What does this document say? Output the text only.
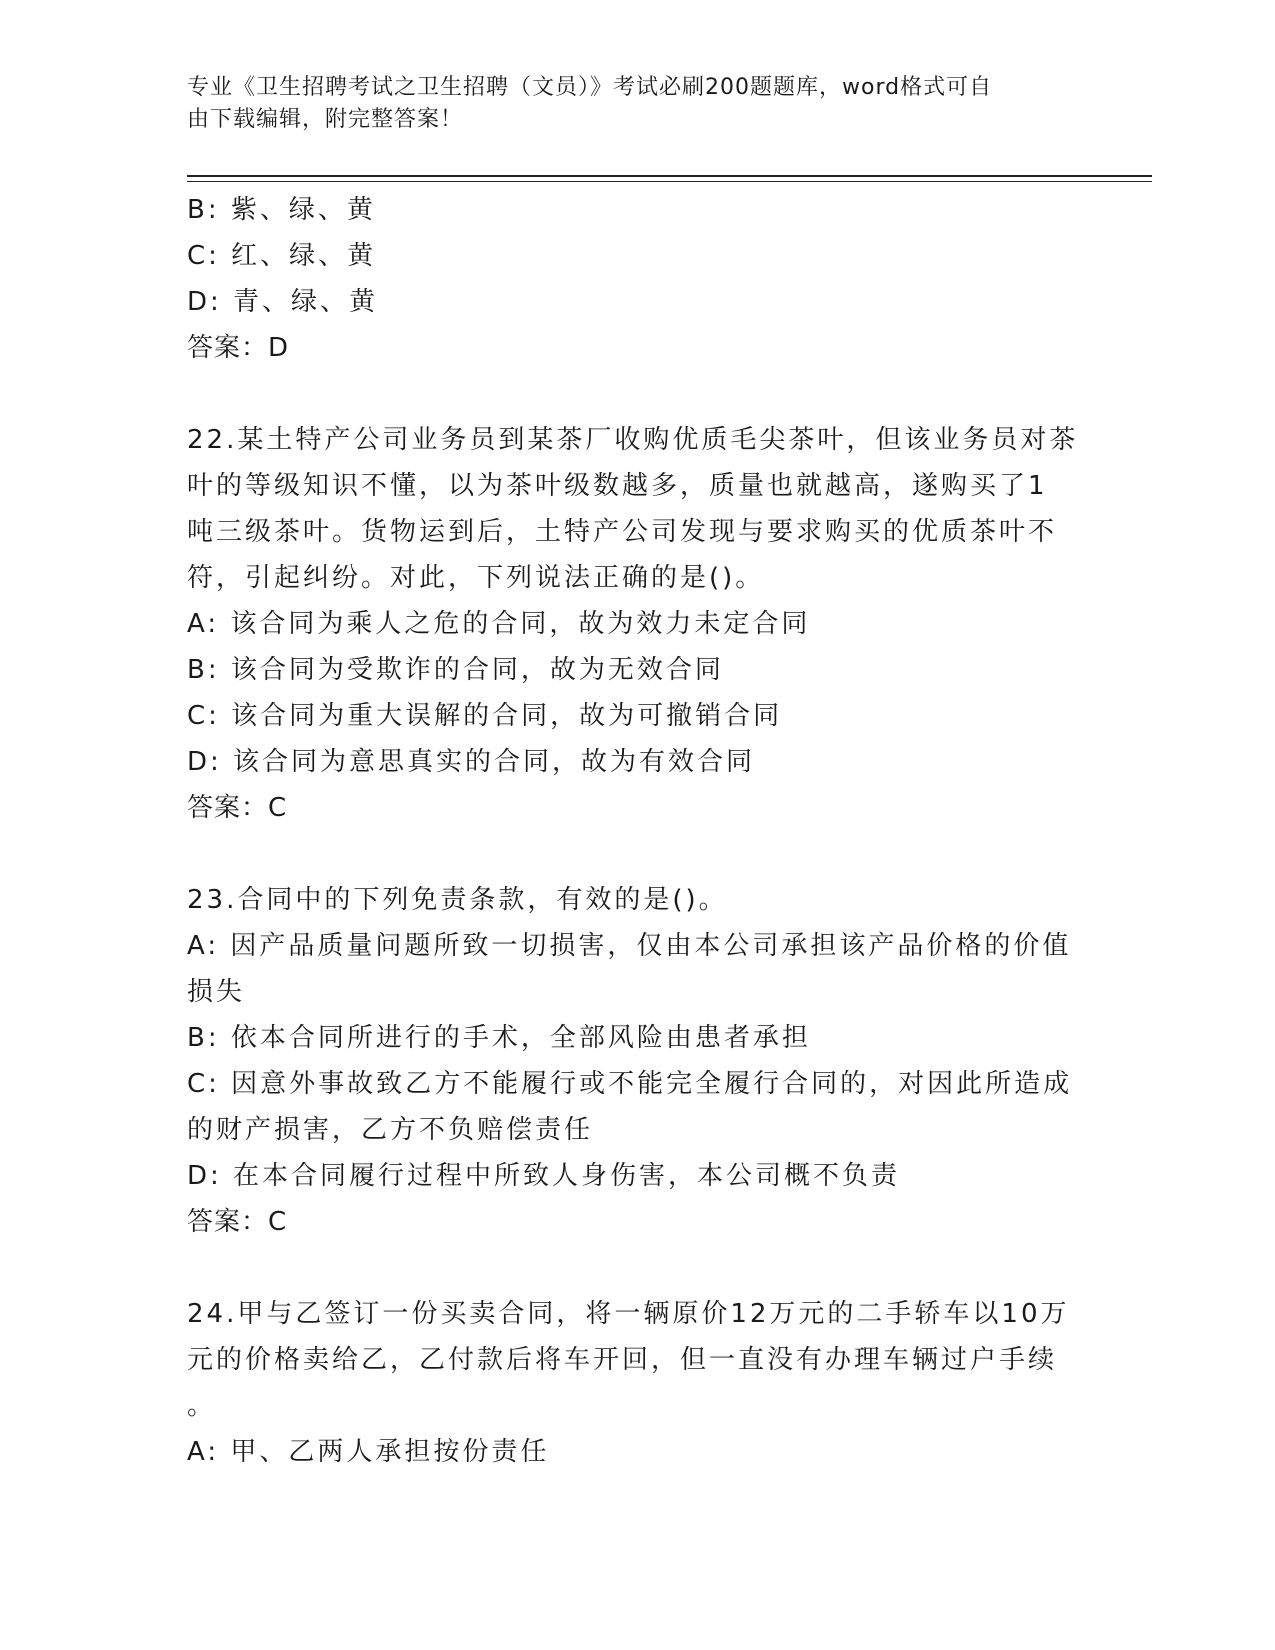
专业《卫生招聘考试之卫生招聘（文员）》考试必刷200题题库，word格式可自
由下载编辑，附完整答案！
B: 紫、绿、黄
C: 红、绿、黄
D: 青、绿、黄
答案：D
22.某土特产公司业务员到某茶厂收购优质毛尖茶叶，但该业务员对茶
叶的等级知识不懂，以为茶叶级数越多，质量也就越高，遂购买了1
吨三级茶叶。货物运到后，土特产公司发现与要求购买的优质茶叶不
符，引起纠纷。对此，下列说法正确的是()。
A: 该合同为乘人之危的合同，故为效力未定合同
B: 该合同为受欺诈的合同，故为无效合同
C: 该合同为重大误解的合同，故为可撤销合同
D: 该合同为意思真实的合同，故为有效合同
答案：C
23.合同中的下列免责条款，有效的是()。
A: 因产品质量问题所致一切损害，仅由本公司承担该产品价格的价值
损失
B: 依本合同所进行的手术，全部风险由患者承担
C: 因意外事故致乙方不能履行或不能完全履行合同的，对因此所造成
的财产损害，乙方不负赔偿责任
D: 在本合同履行过程中所致人身伤害，本公司概不负责
答案：C
24.甲与乙签订一份买卖合同，将一辆原价12万元的二手轿车以10万
元的价格卖给乙，乙付款后将车开回，但一直没有办理车辆过户手续
。
A: 甲、乙两人承担按份责任
